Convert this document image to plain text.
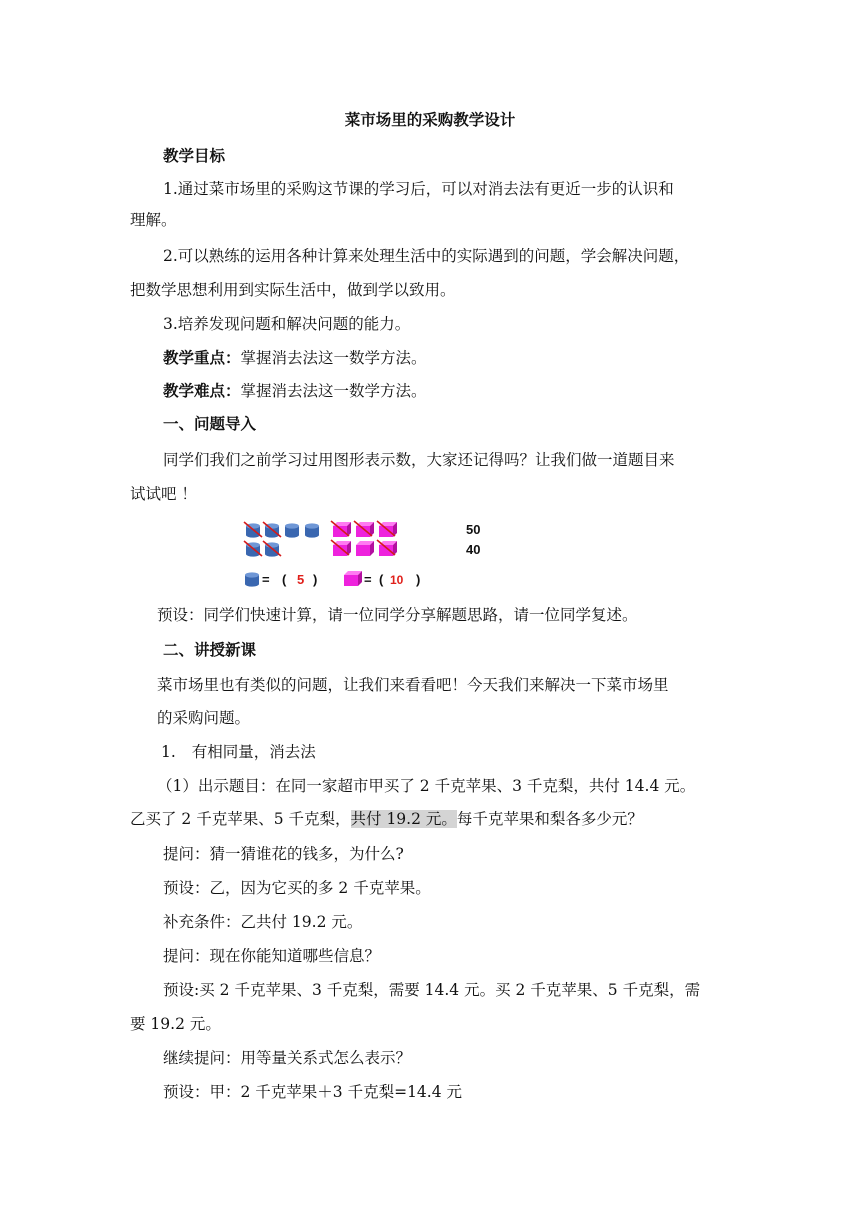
菜市场里的采购教学设计
教学目标
1.通过菜市场里的采购这节课的学习后，可以对消去法有更近一步的认识和
理解。
2.可以熟练的运用各种计算来处理生活中的实际遇到的问题，学会解决问题，
把数学思想利用到实际生活中，做到学以致用。
3.培养发现问题和解决问题的能力。
教学重点：掌握消去法这一数学方法。
教学难点：掌握消去法这一数学方法。
一、问题导入
同学们我们之前学习过用图形表示数，大家还记得吗？让我们做一道题目来
试试吧 ！
50
40
= ( 5 )	= ( 10 )
预设：同学们快速计算，请一位同学分享解题思路，请一位同学复述。
二、讲授新课
菜市场里也有类似的问题，让我们来看看吧！今天我们来解决一下菜市场里
的采购问题。
1. 有相同量，消去法
（1）出示题目：在同一家超市甲买了 2 千克苹果、3 千克梨，共付 14.4 元。
乙买了 2 千克苹果、5 千克梨，共付 19.2 元。每千克苹果和梨各多少元？
提问：猜一猜谁花的钱多，为什么?
预设：乙，因为它买的多 2 千克苹果。
补充条件：乙共付 19.2 元。
提问：现在你能知道哪些信息？
预设:买 2 千克苹果、3 千克梨，需要 14.4 元。买 2 千克苹果、5 千克梨，需
要 19.2 元。
继续提问：用等量关系式怎么表示？
预设：甲：2 千克苹果＋3 千克梨=14.4 元
